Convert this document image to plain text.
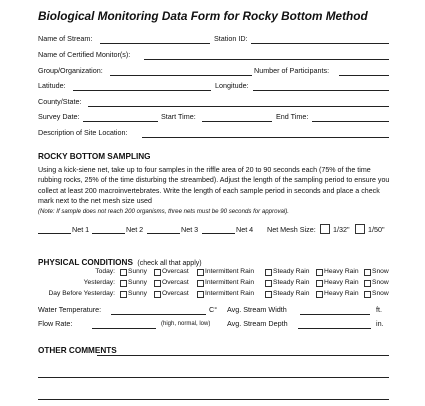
Biological Monitoring Data Form for Rocky Bottom Method
Name of Stream:	Station ID:
Name of Certified Monitor(s):
Group/Organization:	Number of Participants:
Latitude:	Longitude:
County/State:
Survey Date:	Start Time:	End Time:
Description of Site Location:
ROCKY BOTTOM SAMPLING
Using a kick-siene net, take up to four samples in the riffle area of 20 to 90 seconds each (75% of the time rubbing rocks, 25% of the time disturbing the streambed). Adjust the length of the sampling period to ensure you collect at least 200 macroinvertebrates. Write the length of each sample period in seconds and place a check mark next to the net mesh size used
(Note: If sample does not reach 200 organisms, three nets must be 90 seconds for approval).
Net 1	Net 2	Net 3	Net 4 Net Mesh Size: 1/32"	1/50"
PHYSICAL CONDITIONS (check all that apply)
Today: Sunny Overcast Intermittent Rain	Steady Rain Heavy Rain Snow
Yesterday: Sunny Overcast Intermittent Rain	Steady Rain Heavy Rain Snow
Day Before Yesterday: Sunny Overcast Intermittent Rain	Steady Rain Heavy Rain Snow
Water Temperature:	C° Avg. Stream Width	ft.
Flow Rate:	(high, normal, low) Avg. Stream Depth	in.
OTHER COMMENTS
